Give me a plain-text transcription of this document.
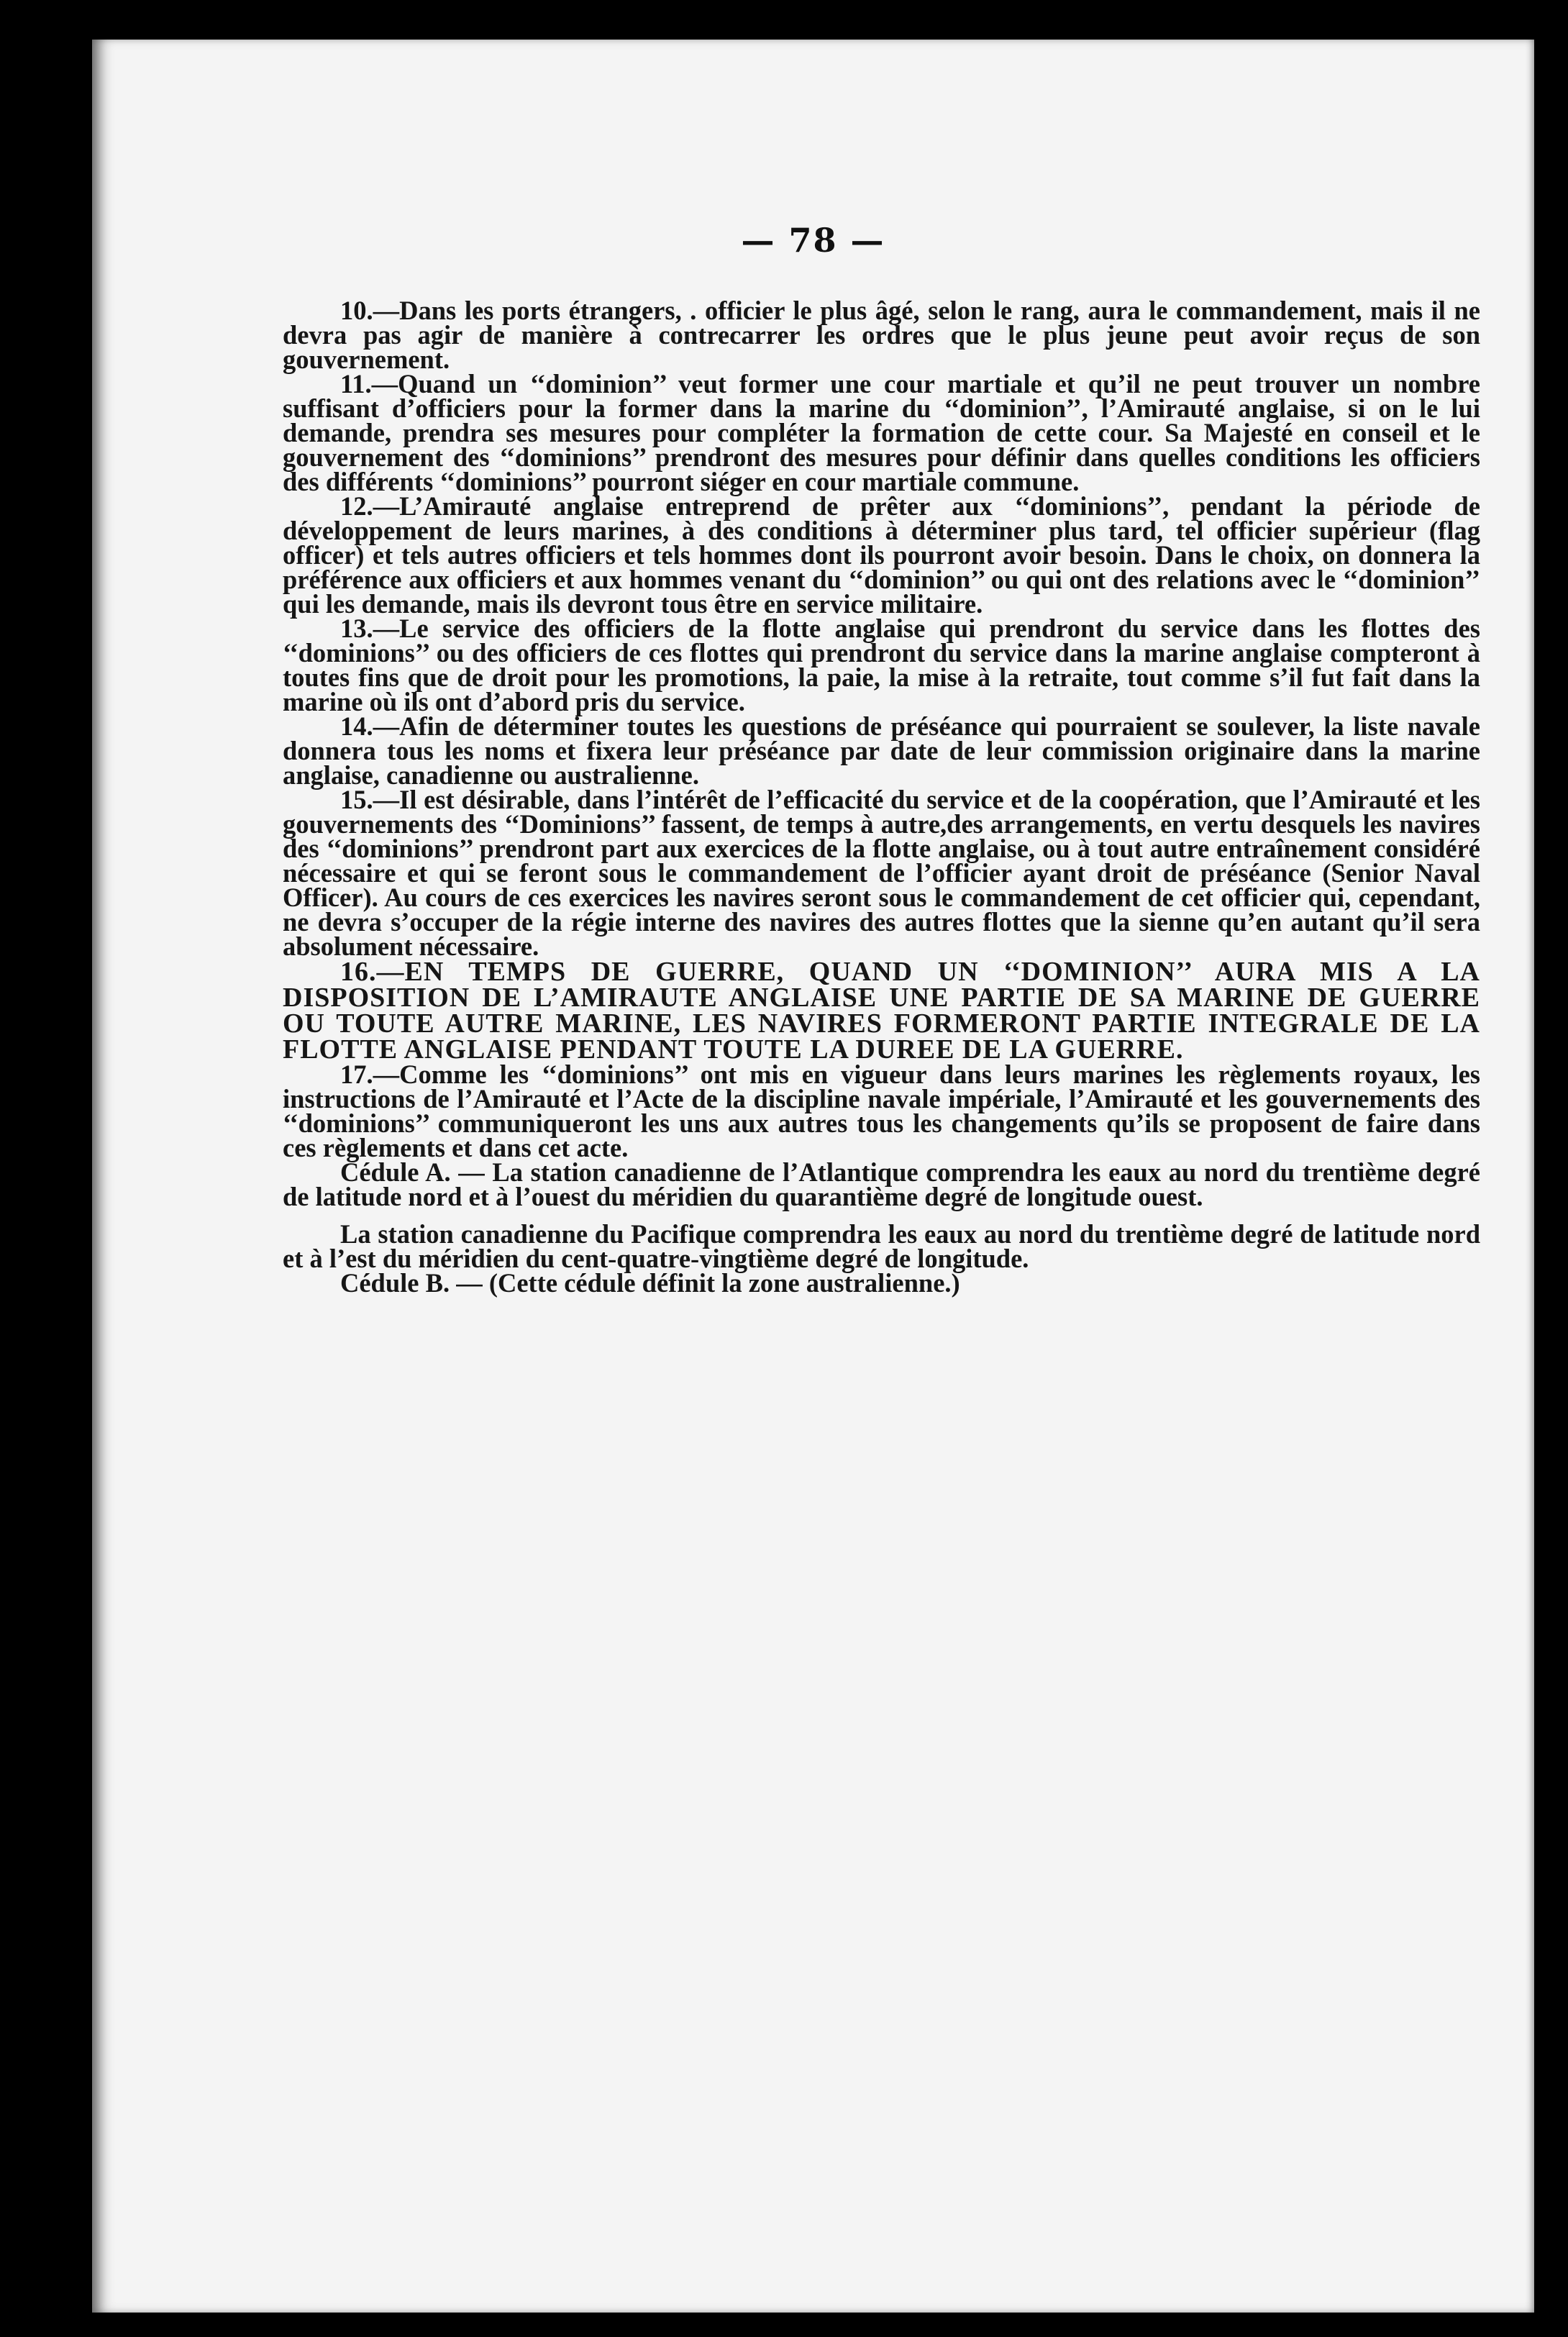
— 78 —

10.—Dans les ports étrangers, . officier le plus âgé, selon le rang, aura le commandement, mais il ne devra pas agir de manière à contrecarrer les ordres que le plus jeune peut avoir reçus de son gouvernement.

11.—Quand un ‘‘dominion’’ veut former une cour martiale et qu’il ne peut trouver un nombre suffisant d’officiers pour la former dans la marine du ‘‘dominion’’, l’Amirauté anglaise, si on le lui demande, prendra ses mesures pour compléter la formation de cette cour. Sa Majesté en conseil et le gouvernement des ‘‘dominions’’ prendront des mesures pour définir dans quelles conditions les officiers des différents ‘‘dominions’’ pourront siéger en cour martiale commune.

12.—L’Amirauté anglaise entreprend de prêter aux ‘‘dominions’’, pendant la période de développement de leurs marines, à des conditions à déterminer plus tard, tel officier supérieur (flag officer) et tels autres officiers et tels hommes dont ils pourront avoir besoin. Dans le choix, on donnera la préférence aux officiers et aux hommes venant du ‘‘dominion’’ ou qui ont des relations avec le ‘‘dominion’’ qui les demande, mais ils devront tous être en service militaire.

13.—Le service des officiers de la flotte anglaise qui prendront du service dans les flottes des ‘‘dominions’’ ou des officiers de ces flottes qui prendront du service dans la marine anglaise compteront à toutes fins que de droit pour les promotions, la paie, la mise à la retraite, tout comme s’il fut fait dans la marine où ils ont d’abord pris du service.

14.—Afin de déterminer toutes les questions de préséance qui pourraient se soulever, la liste navale donnera tous les noms et fixera leur préséance par date de leur commission originaire dans la marine anglaise, canadienne ou australienne.

15.—Il est désirable, dans l’intérêt de l’efficacité du service et de la coopération, que l’Amirauté et les gouvernements des ‘‘Dominions’’ fassent, de temps à autre,des arrangements, en vertu desquels les navires des ‘‘dominions’’ prendront part aux exercices de la flotte anglaise, ou à tout autre entraînement considéré nécessaire et qui se feront sous le commandement de l’officier ayant droit de préséance (Senior Naval Officer). Au cours de ces exercices les navires seront sous le commandement de cet officier qui, cependant, ne devra s’occuper de la régie interne des navires des autres flottes que la sienne qu’en autant qu’il sera absolument nécessaire.

16.—EN TEMPS DE GUERRE, QUAND UN ‘‘DOMINION’’ AURA MIS A LA DISPOSITION DE L’AMIRAUTE ANGLAISE UNE PARTIE DE SA MARINE DE GUERRE OU TOUTE AUTRE MARINE, LES NAVIRES FORMERONT PARTIE INTEGRALE DE LA FLOTTE ANGLAISE PENDANT TOUTE LA DUREE DE LA GUERRE.

17.—Comme les ‘‘dominions’’ ont mis en vigueur dans leurs marines les règlements royaux, les instructions de l’Amirauté et l’Acte de la discipline navale impériale, l’Amirauté et les gouvernements des ‘‘dominions’’ communiqueront les uns aux autres tous les changements qu’ils se proposent de faire dans ces règlements et dans cet acte.

Cédule A. — La station canadienne de l’Atlantique comprendra les eaux au nord du trentième degré de latitude nord et à l’ouest du méridien du quarantième degré de longitude ouest.

La station canadienne du Pacifique comprendra les eaux au nord du trentième degré de latitude nord et à l’est du méridien du cent-quatre-vingtième degré de longitude.

Cédule B. — (Cette cédule définit la zone australienne.)
